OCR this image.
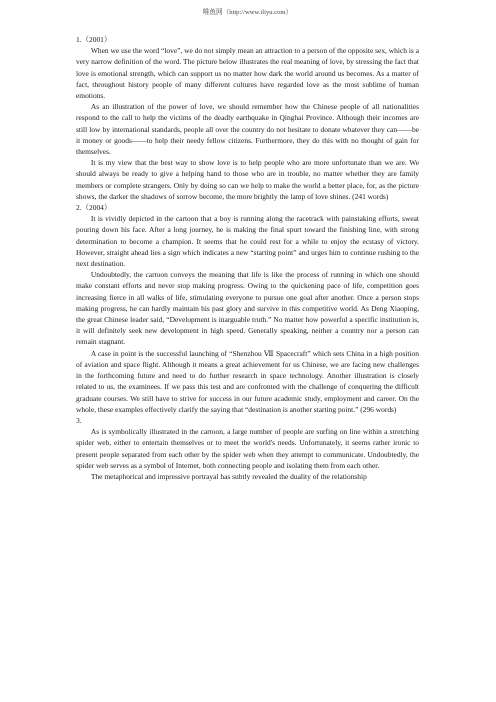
唯鱼网（http://www.iliyu.com）

1.（2001）

When we use the word “love”, we do not simply mean an attraction to a person of the opposite sex, which is a very narrow definition of the word. The picture below illustrates the real meaning of love, by stressing the fact that love is emotional strength, which can support us no matter how dark the world around us becomes. As a matter of fact, throughout history people of many different cultures have regarded love as the most sublime of human emotions.

As an illustration of the power of love, we should remember how the Chinese people of all nationalities respond to the call to help the victims of the deadly earthquake in Qinghai Province. Although their incomes are still low by international standards, people all over the country do not hesitate to donate whatever they can——be it money or goods——to help their needy fellow citizens. Furthermore, they do this with no thought of gain for themselves.

It is my view that the best way to show love is to help people who are more unfortunate than we are. We should always be ready to give a helping hand to those who are in trouble, no matter whether they are family members or complete strangers. Only by doing so can we help to make the world a better place, for, as the picture shows, the darker the shadows of sorrow become, the more brightly the lamp of love shines. (241 words)

2.（2004）

It is vividly depicted in the cartoon that a boy is running along the racetrack with painstaking efforts, sweat pouring down his face. After a long journey, he is making the final spurt toward the finishing line, with strong determination to become a champion. It seems that he could rest for a while to enjoy the ecstasy of victory. However, straight ahead lies a sign which indicates a new “starting point” and urges him to continue rushing to the next destination.

Undoubtedly, the cartoon conveys the meaning that life is like the process of running in which one should make constant efforts and never stop making progress. Owing to the quickening pace of life, competition goes increasing fierce in all walks of life, stimulating everyone to pursue one goal after another. Once a person stops making progress, he can hardly maintain his past glory and survive in this competitive world. As Deng Xiaoping, the great Chinese leader said, “Development is inarguable truth.” No matter how powerful a specific institution is, it will definitely seek new development in high speed. Generally speaking, neither a country nor a person can remain stagnant.

A case in point is the successful launching of “Shenzhou Ⅶ Spacecraft” which sets China in a high position of aviation and space flight. Although it means a great achievement for us Chinese, we are facing new challenges in the forthcoming future and need to do further research in space technology. Another illustration is closely related to us, the examinees. If we pass this test and are confronted with the challenge of conquering the difficult graduate courses. We still have to strive for success in our future academic study, employment and career. On the whole, these examples effectively clarify the saying that “destination is another starting point.” (296 words)

3.

As is symbolically illustrated in the cartoon, a large number of people are surfing on line within a stretching spider web, either to entertain themselves or to meet the world's needs. Unfortunately, it seems rather ironic to present people separated from each other by the spider web when they attempt to communicate. Undoubtedly, the spider web serves as a symbol of Internet, both connecting people and isolating them from each other.

The metaphorical and impressive portrayal has subtly revealed the duality of the relationship
